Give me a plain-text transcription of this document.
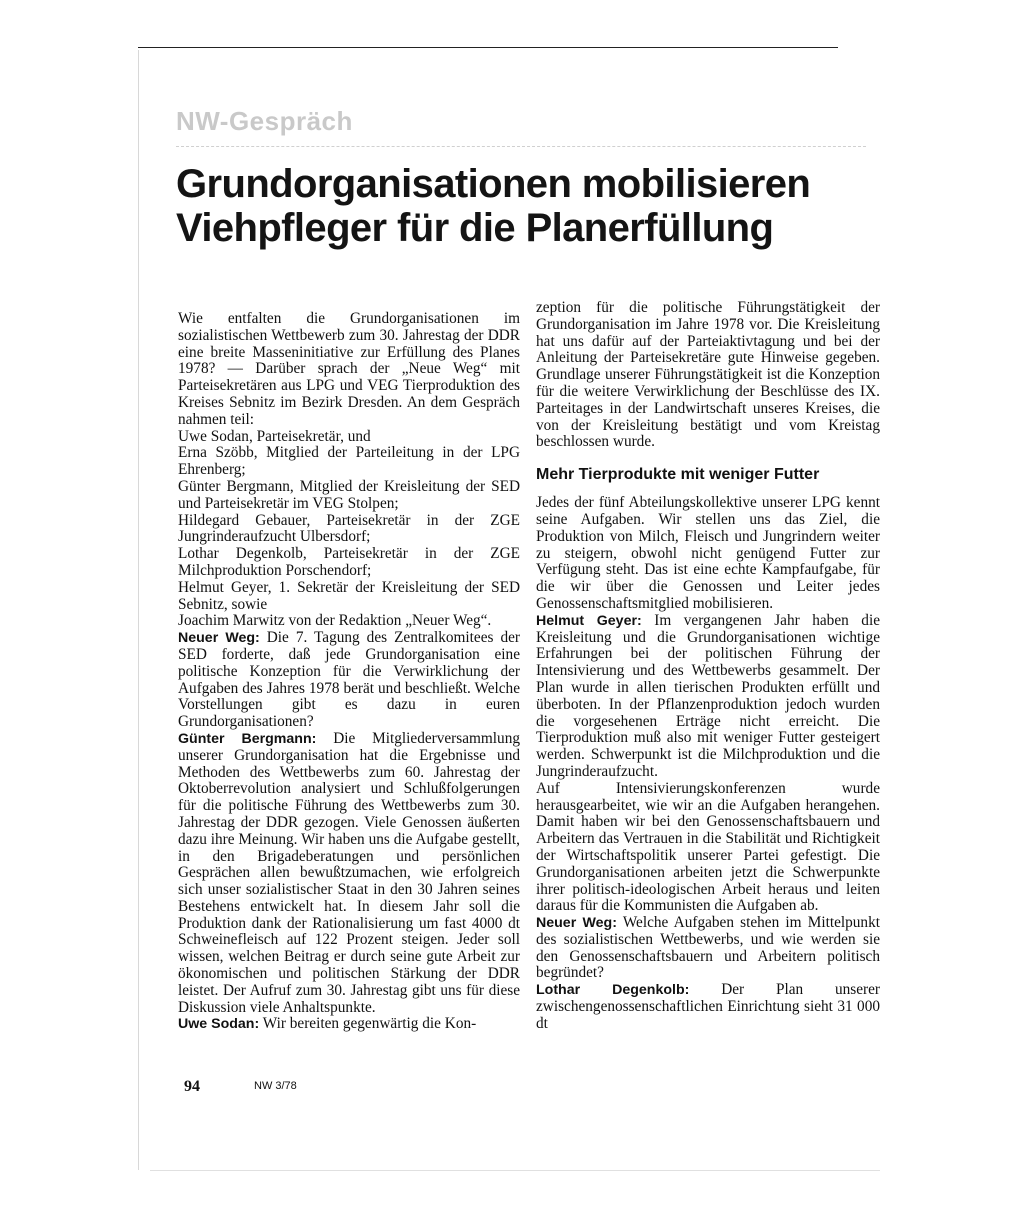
NW-Gespräch
Grundorganisationen mobilisieren
Viehpfleger für die Planerfüllung

Wie entfalten die Grundorganisationen im sozialistischen Wettbewerb zum 30. Jahrestag der DDR eine breite Masseninitiative zur Erfüllung des Planes 1978? — Darüber sprach der „Neue Weg“ mit Parteisekretären aus LPG und VEG Tierproduktion des Kreises Sebnitz im Bezirk Dresden. An dem Gespräch nahmen teil:

Uwe Sodan, Parteisekretär, und

Erna Szöbb, Mitglied der Parteileitung in der LPG Ehrenberg;

Günter Bergmann, Mitglied der Kreisleitung der SED und Parteisekretär im VEG Stolpen;

Hildegard Gebauer, Parteisekretär in der ZGE Jungrinderaufzucht Ulbersdorf;

Lothar Degenkolb, Parteisekretär in der ZGE Milchproduktion Porschendorf;

Helmut Geyer, 1. Sekretär der Kreisleitung der SED Sebnitz, sowie

Joachim Marwitz von der Redaktion „Neuer Weg“.

Neuer Weg: Die 7. Tagung des Zentralkomitees der SED forderte, daß jede Grundorganisation eine politische Konzeption für die Verwirklichung der Aufgaben des Jahres 1978 berät und beschließt. Welche Vorstellungen gibt es dazu in euren Grundorganisationen?

Günter Bergmann: Die Mitgliederversammlung unserer Grundorganisation hat die Ergebnisse und Methoden des Wettbewerbs zum 60. Jahrestag der Oktoberrevolution analysiert und Schlußfolgerungen für die politische Führung des Wettbewerbs zum 30. Jahrestag der DDR gezogen. Viele Genossen äußerten dazu ihre Meinung. Wir haben uns die Aufgabe gestellt, in den Brigadeberatungen und persönlichen Gesprächen allen bewußtzumachen, wie erfolgreich sich unser sozialistischer Staat in den 30 Jahren seines Bestehens entwickelt hat. In diesem Jahr soll die Produktion dank der Rationalisierung um fast 4000 dt Schweinefleisch auf 122 Prozent steigen. Jeder soll wissen, welchen Beitrag er durch seine gute Arbeit zur ökonomischen und politischen Stärkung der DDR leistet. Der Aufruf zum 30. Jahrestag gibt uns für diese Diskussion viele Anhaltspunkte.

Uwe Sodan: Wir bereiten gegenwärtig die Kon-

zeption für die politische Führungstätigkeit der Grundorganisation im Jahre 1978 vor. Die Kreisleitung hat uns dafür auf der Parteiaktivtagung und bei der Anleitung der Parteisekretäre gute Hinweise gegeben. Grundlage unserer Führungstätigkeit ist die Konzeption für die weitere Verwirklichung der Beschlüsse des IX. Parteitages in der Landwirtschaft unseres Kreises, die von der Kreisleitung bestätigt und vom Kreistag beschlossen wurde.

Mehr Tierprodukte mit weniger Futter

Jedes der fünf Abteilungskollektive unserer LPG kennt seine Aufgaben. Wir stellen uns das Ziel, die Produktion von Milch, Fleisch und Jungrindern weiter zu steigern, obwohl nicht genügend Futter zur Verfügung steht. Das ist eine echte Kampfaufgabe, für die wir über die Genossen und Leiter jedes Genossenschaftsmitglied mobilisieren.

Helmut Geyer: Im vergangenen Jahr haben die Kreisleitung und die Grundorganisationen wichtige Erfahrungen bei der politischen Führung der Intensivierung und des Wettbewerbs gesammelt. Der Plan wurde in allen tierischen Produkten erfüllt und überboten. In der Pflanzenproduktion jedoch wurden die vorgesehenen Erträge nicht erreicht. Die Tierproduktion muß also mit weniger Futter gesteigert werden. Schwerpunkt ist die Milchproduktion und die Jungrinderaufzucht.

Auf Intensivierungskonferenzen wurde herausgearbeitet, wie wir an die Aufgaben herangehen. Damit haben wir bei den Genossenschaftsbauern und Arbeitern das Vertrauen in die Stabilität und Richtigkeit der Wirtschaftspolitik unserer Partei gefestigt. Die Grundorganisationen arbeiten jetzt die Schwerpunkte ihrer politisch-ideologischen Arbeit heraus und leiten daraus für die Kommunisten die Aufgaben ab.

Neuer Weg: Welche Aufgaben stehen im Mittelpunkt des sozialistischen Wettbewerbs, und wie werden sie den Genossenschaftsbauern und Arbeitern politisch begründet?

Lothar Degenkolb: Der Plan unserer zwischengenossenschaftlichen Einrichtung sieht 31 000 dt

94	NW 3/78
